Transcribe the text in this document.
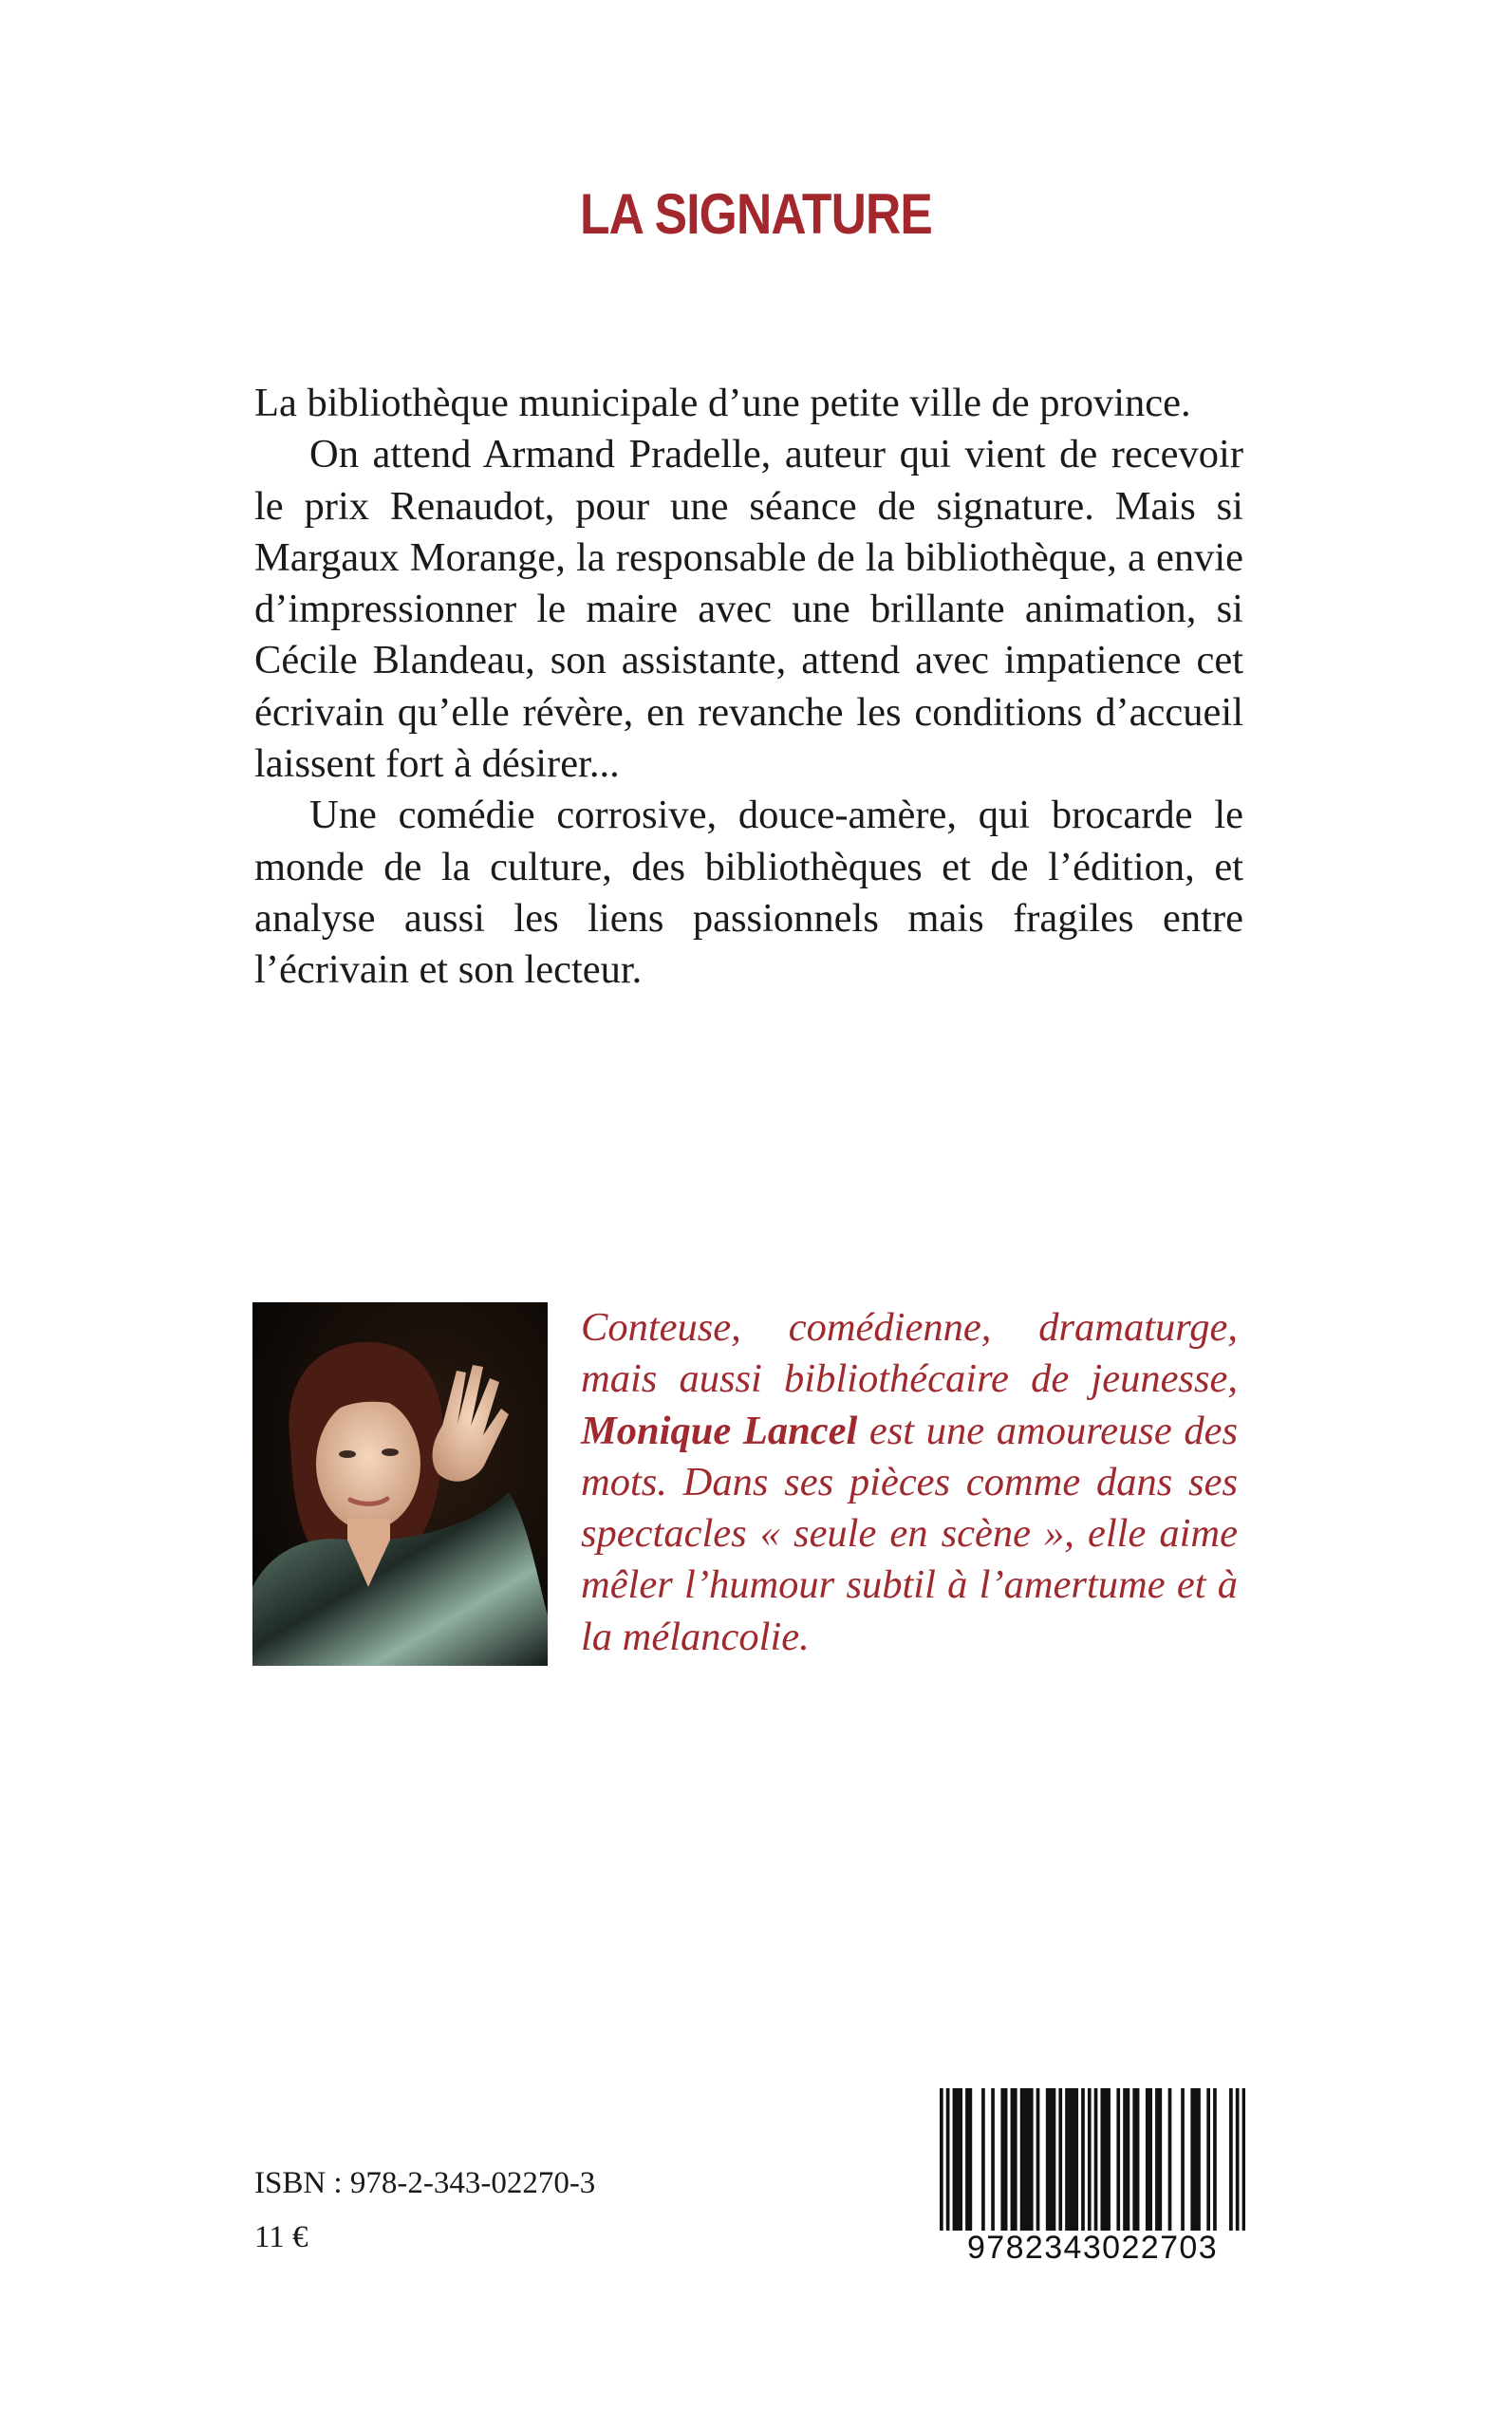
LA SIGNATURE

La bibliothèque municipale d’une petite ville de province.

On attend Armand Pradelle, auteur qui vient de recevoir le prix Renaudot, pour une séance de signature. Mais si Margaux Morange, la responsable de la bibliothèque, a envie d’impressionner le maire avec une brillante animation, si Cécile Blandeau, son assistante, attend avec impatience cet écrivain qu’elle révère, en revanche les conditions d’accueil laissent fort à désirer...

Une comédie corrosive, douce-amère, qui brocarde le monde de la culture, des bibliothèques et de l’édition, et analyse aussi les liens passionnels mais fragiles entre l’écrivain et son lecteur.

Conteuse, comédienne, dramaturge, mais aussi bibliothécaire de jeunesse, Monique Lancel est une amoureuse des mots. Dans ses pièces comme dans ses spectacles « seule en scène », elle aime mêler l’humour subtil à l’amertume et à la mélancolie.

ISBN : 978-2-343-02270-3
11 €	9782343022703
